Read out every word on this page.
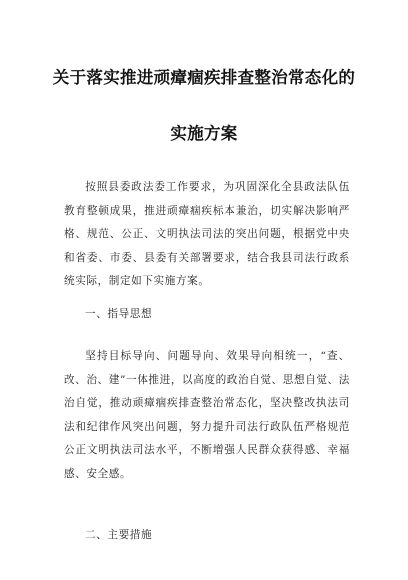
关于落实推进顽瘴痼疾排查整治常态化的
实施方案
按照县委政法委工作要求，为巩固深化全县政法队伍教育整顿成果，推进顽瘴痼疾标本兼治，切实解决影响严格、规范、公正、文明执法司法的突出问题，根据党中央和省委、市委、县委有关部署要求，结合我县司法行政系统实际，制定如下实施方案。
一、指导思想
坚持目标导向、问题导向、效果导向相统一，“查、改、治、建”一体推进，以高度的政治自觉、思想自觉、法治自觉，推动顽瘴痼疾排查整治常态化，坚决整改执法司法和纪律作风突出问题，努力提升司法行政队伍严格规范公正文明执法司法水平，不断增强人民群众获得感、幸福感、安全感。
二、主要措施
